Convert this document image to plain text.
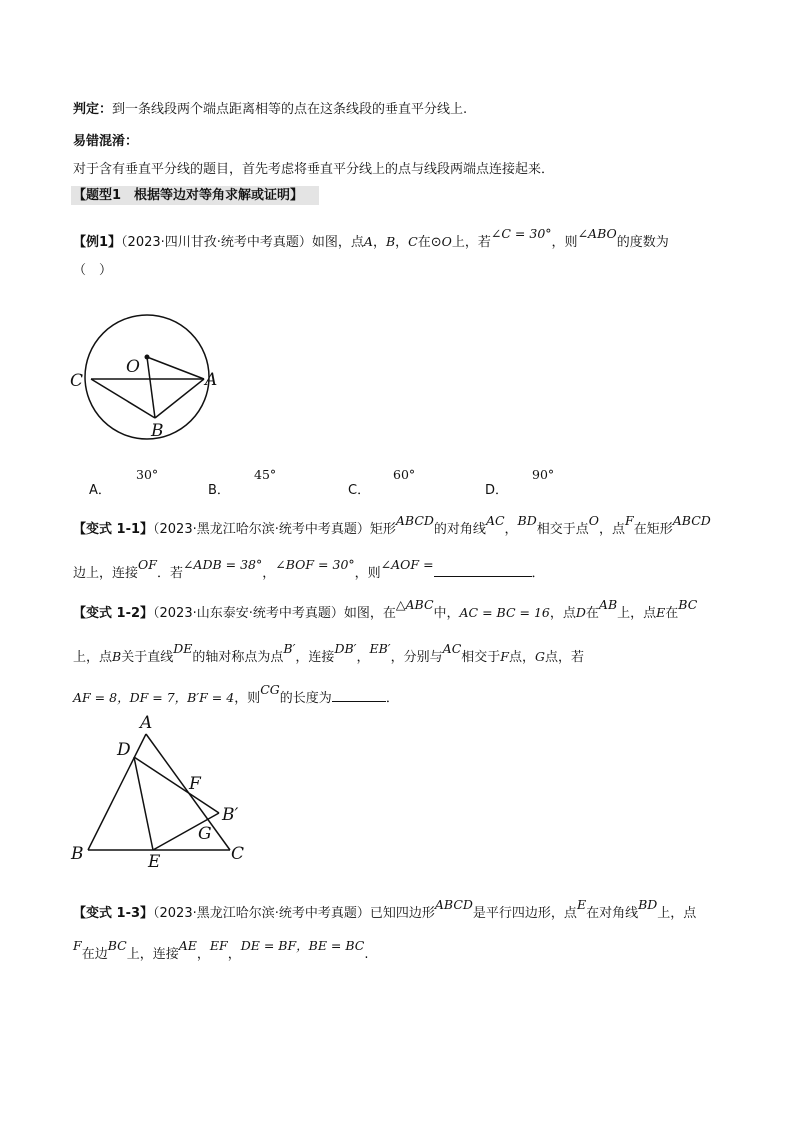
判定：到一条线段两个端点距离相等的点在这条线段的垂直平分线上.
易错混淆：
对于含有垂直平分线的题目，首先考虑将垂直平分线上的点与线段两端点连接起来．
【题型1　根据等边对等角求解或证明】
【例1】（2023·四川甘孜·统考中考真题）如图，点A，B，C在⊙O上，若∠C = 30°，则∠ABO的度数为
（　）
O
C	A
B
A．
30°
B．
45°
C．
60°
D．
90°
【变式 1-1】（2023·黑龙江哈尔滨·统考中考真题）矩形ABCD的对角线AC，BD相交于点O，点F在矩形ABCD
边上，连接OF．若∠ADB = 38°，∠BOF = 30°，则∠AOF =．
【变式 1-2】（2023·山东泰安·统考中考真题）如图，在△ABC中，AC = BC = 16，点D在AB上，点E在BC
上，点B关于直线DE的轴对称点为点B′，连接DB′，EB′，分别与AC相交于F点，G点，若
AF = 8，DF = 7，B′F = 4，则CG的长度为	．
A
D
F
B′
G
B	E	C
【变式 1-3】（2023·黑龙江哈尔滨·统考中考真题）已知四边形ABCD是平行四边形，点E在对角线BD上，点
F在边BC上，连接AE，EF，DE = BF，BE = BC.
